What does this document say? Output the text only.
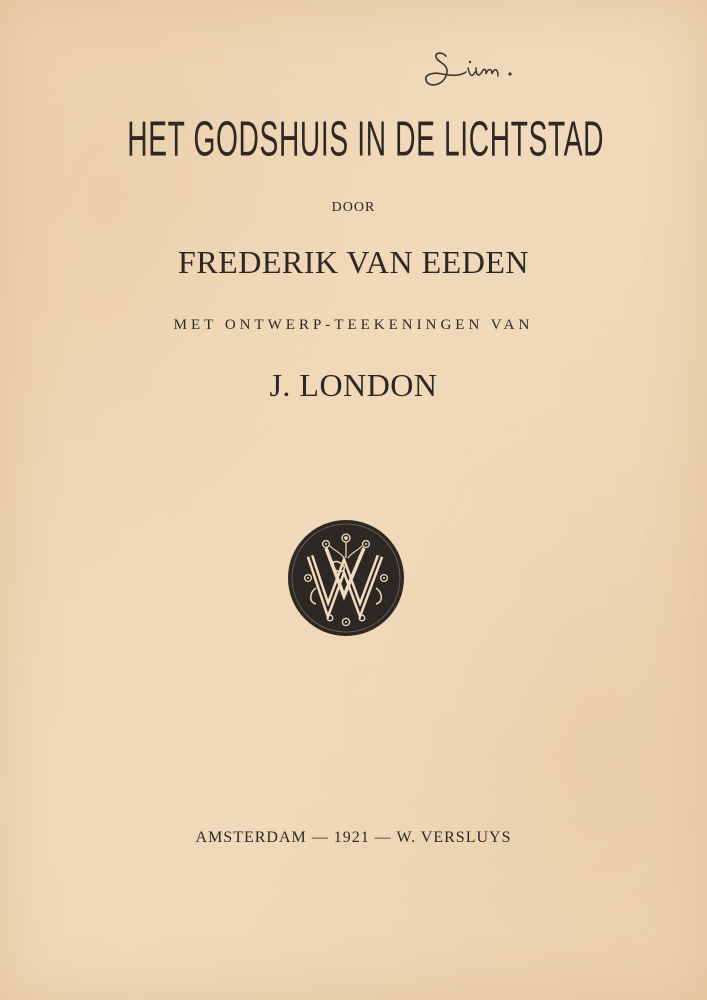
HET GODSHUIS IN DE LICHTSTAD
DOOR
FREDERIK VAN EEDEN
MET ONTWERP-TEEKENINGEN VAN
J. LONDON
AMSTERDAM — 1921 — W. VERSLUYS
